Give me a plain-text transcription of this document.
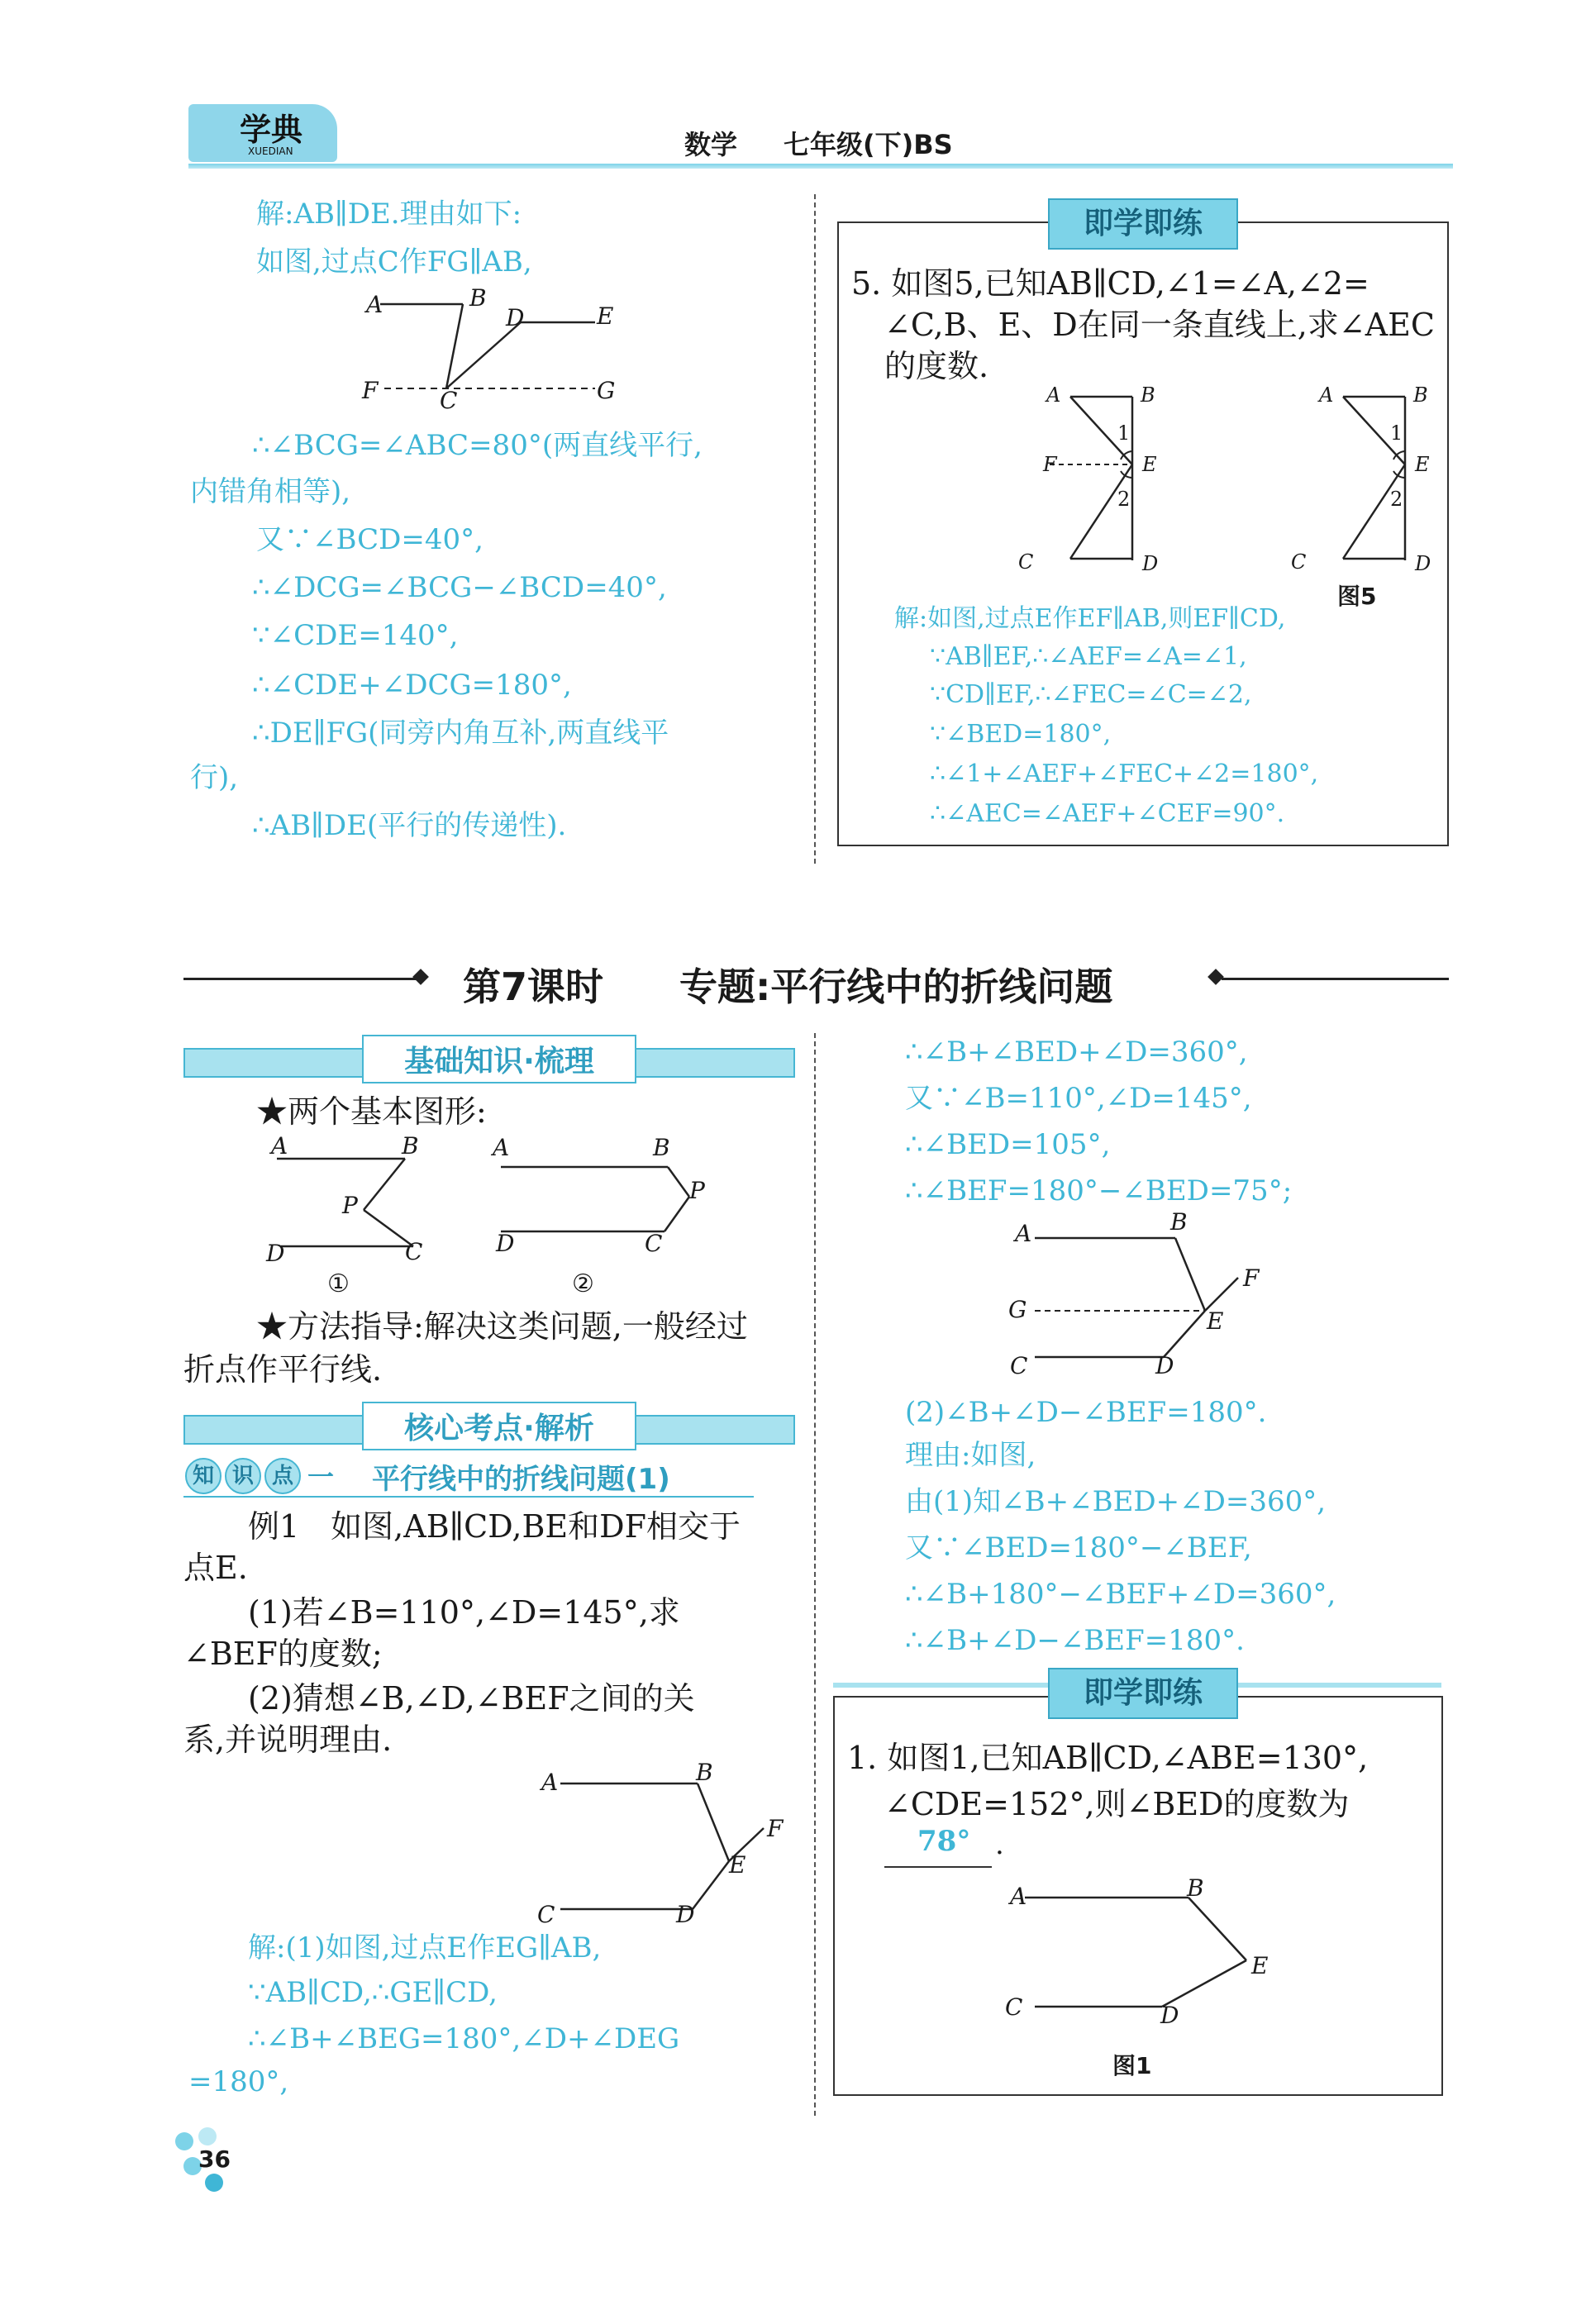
学典
XUEDIAN	数学 七年级(下)BS
解:AB∥DE.理由如下:
如图,过点C作FG∥AB,
A	B
D	E
F	C	G
∴∠BCG=∠ABC=80°(两直线平行,
内错角相等),
又∵∠BCD=40°,
∴∠DCG=∠BCG−∠BCD=40°,
∵∠CDE=140°,
∴∠CDE+∠DCG=180°,
∴DE∥FG(同旁内角互补,两直线平
行),
∴AB∥DE(平行的传递性).
即学即练
5. 如图5,已知AB∥CD,∠1=∠A,∠2=
∠C,B、E、D在同一条直线上,求∠AEC
的度数.
A	B
1
F	E
2
C	D
A	B
1
E
2
C	D
图5
解:如图,过点E作EF∥AB,则EF∥CD,
∵AB∥EF,∴∠AEF=∠A=∠1,
∵CD∥EF,∴∠FEC=∠C=∠2,
∵∠BED=180°,
∴∠1+∠AEF+∠FEC+∠2=180°,
∴∠AEC=∠AEF+∠CEF=90°.
第7课时 专题:平行线中的折线问题
基础知识·梳理
★两个基本图形:
A	B
P
D	C
①
A	B
P
D	C
②
★方法指导:解决这类问题,一般经过
折点作平行线.
核心考点·解析
知 识 点 一 平行线中的折线问题(1)
例1　如图,AB∥CD,BE和DF相交于
点E.
(1)若∠B=110°,∠D=145°,求
∠BEF的度数;
(2)猜想∠B,∠D,∠BEF之间的关
系,并说明理由.
A	B
F
E
C	D
解:(1)如图,过点E作EG∥AB,
∵AB∥CD,∴GE∥CD,
∴∠B+∠BEG=180°,∠D+∠DEG
=180°,
∴∠B+∠BED+∠D=360°,
又∵∠B=110°,∠D=145°,
∴∠BED=105°,
∴∠BEF=180°−∠BED=75°;
A	B
F
G	E
C	D
(2)∠B+∠D−∠BEF=180°.
理由:如图,
由(1)知∠B+∠BED+∠D=360°,
又∵∠BED=180°−∠BEF,
∴∠B+180°−∠BEF+∠D=360°,
∴∠B+∠D−∠BEF=180°.
即学即练
1. 如图1,已知AB∥CD,∠ABE=130°,
∠CDE=152°,则∠BED的度数为
78° .
A	B
E
C	D
图1
36
